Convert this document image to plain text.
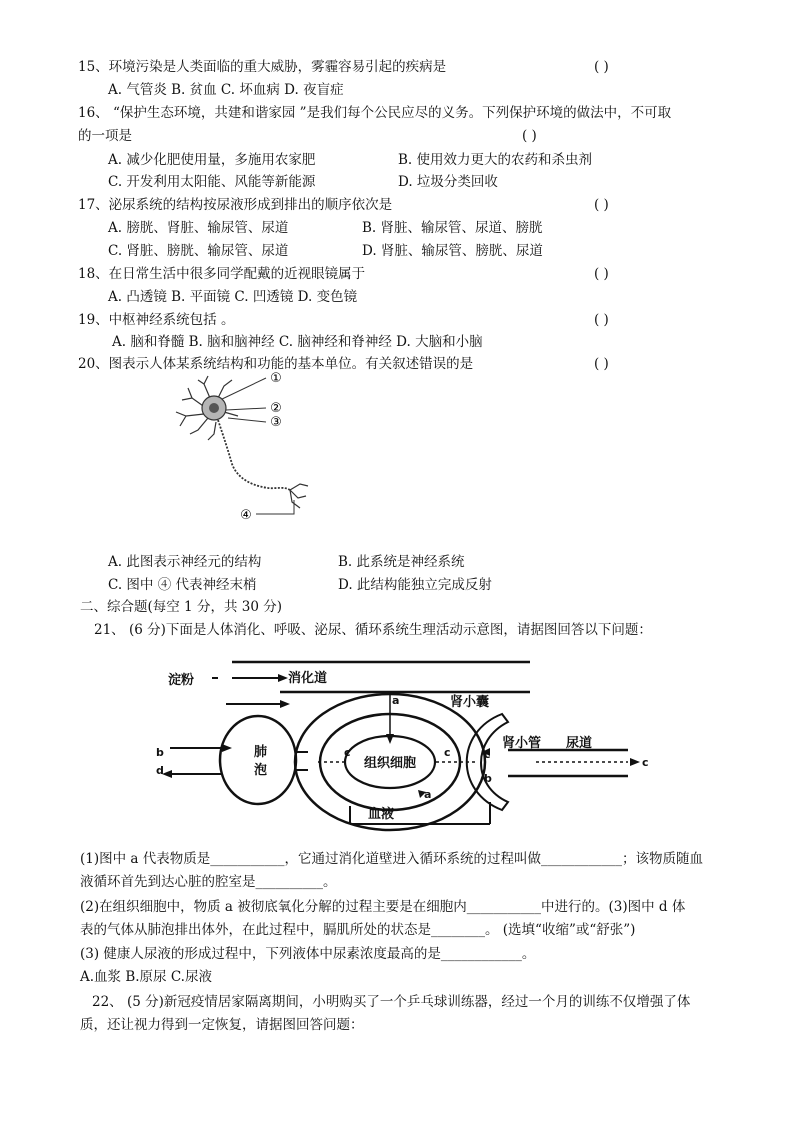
15、环境污染是人类面临的重大威胁，雾霾容易引起的疾病是	( )
A. 气管炎 B. 贫血 C. 坏血病 D. 夜盲症
16、 “保护生态环境，共建和谐家园 ”是我们每个公民应尽的义务。下列保护环境的做法中，不可取
的一项是	( )
A. 减少化肥使用量，多施用农家肥	B. 使用效力更大的农药和杀虫剂
C. 开发利用太阳能、风能等新能源	D. 垃圾分类回收
17、泌尿系统的结构按尿液形成到排出的顺序依次是	( )
A. 膀胱、肾脏、输尿管、尿道	B. 肾脏、输尿管、尿道、膀胱
C. 肾脏、膀胱、输尿管、尿道	D. 肾脏、输尿管、膀胱、尿道
18、在日常生活中很多同学配戴的近视眼镜属于	( )
A. 凸透镜 B. 平面镜 C. 凹透镜 D. 变色镜
19、中枢神经系统包括 。	( )
A. 脑和脊髓 B. 脑和脑神经 C. 脑神经和脊神经 D. 大脑和小脑
20、图表示人体某系统结构和功能的基本单位。有关叙述错误的是	( )
①
②
③
④
A. 此图表示神经元的结构	B. 此系统是神经系统
C. 图中 ④ 代表神经末梢	D. 此结构能独立完成反射
二、综合题(每空 1 分，共 30 分)
21、 (6 分)下面是人体消化、呼吸、泌尿、循环系统生理活动示意图，请据图回答以下问题：
淀粉	消化道
肺
泡	组织细胞
肾小囊
肾小管 尿道
血液
a
a
b
d
c	c
c
b
c
(1)图中 a 代表物质是___________，它通过消化道壁进入循环系统的过程叫做____________；该物质随血
液循环首先到达心脏的腔室是__________。
(2)在组织细胞中，物质 a 被彻底氧化分解的过程主要是在细胞内___________中进行的。(3)图中 d 体
表的气体从肺泡排出体外，在此过程中，膈肌所处的状态是________。 (选填“收缩”或“舒张”)
(3) 健康人尿液的形成过程中，下列液体中尿素浓度最高的是____________。
A.血浆 B.原尿 C.尿液
22、 (5 分)新冠疫情居家隔离期间，小明购买了一个乒乓球训练器，经过一个月的训练不仅增强了体
质，还让视力得到一定恢复，请据图回答问题：
